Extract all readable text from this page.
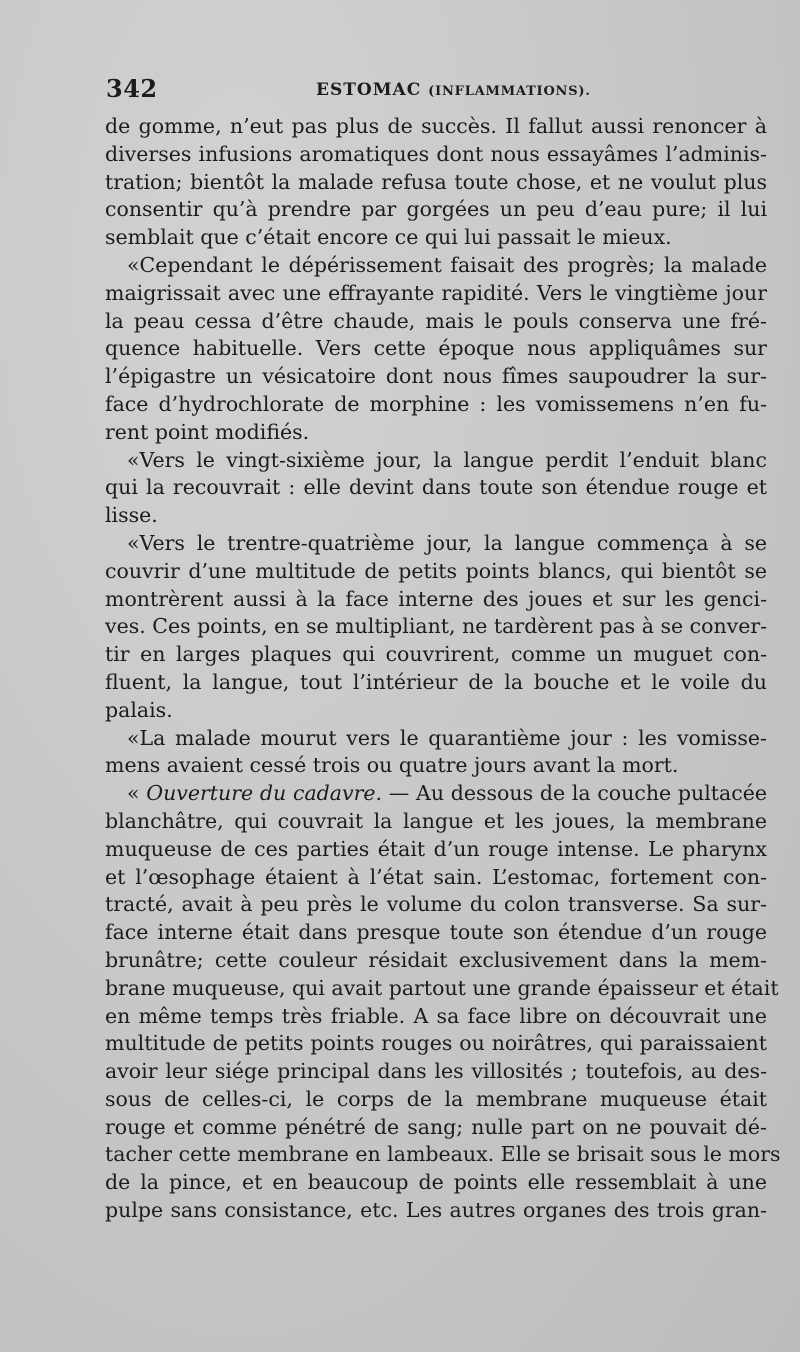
342	ESTOMAC (INFLAMMATIONS).
de gomme, n’eut pas plus de succès. Il fallut aussi renoncer à
diverses infusions aromatiques dont nous essayâmes l’adminis-
tration; bientôt la malade refusa toute chose, et ne voulut plus
consentir qu’à prendre par gorgées un peu d’eau pure; il lui
semblait que c’était encore ce qui lui passait le mieux.
«Cependant le dépérissement faisait des progrès; la malade
maigrissait avec une effrayante rapidité. Vers le vingtième jour
la peau cessa d’être chaude, mais le pouls conserva une fré-
quence habituelle. Vers cette époque nous appliquâmes sur
l’épigastre un vésicatoire dont nous fîmes saupoudrer la sur-
face d’hydrochlorate de morphine : les vomissemens n’en fu-
rent point modifiés.
«Vers le vingt-sixième jour, la langue perdit l’enduit blanc
qui la recouvrait : elle devint dans toute son étendue rouge et
lisse.
«Vers le trentre-quatrième jour, la langue commença à se
couvrir d’une multitude de petits points blancs, qui bientôt se
montrèrent aussi à la face interne des joues et sur les genci-
ves. Ces points, en se multipliant, ne tardèrent pas à se conver-
tir en larges plaques qui couvrirent, comme un muguet con-
fluent, la langue, tout l’intérieur de la bouche et le voile du
palais.
«La malade mourut vers le quarantième jour : les vomisse-
mens avaient cessé trois ou quatre jours avant la mort.
« Ouverture du cadavre. — Au dessous de la couche pultacée
blanchâtre, qui couvrait la langue et les joues, la membrane
muqueuse de ces parties était d’un rouge intense. Le pharynx
et l’œsophage étaient à l’état sain. L’estomac, fortement con-
tracté, avait à peu près le volume du colon transverse. Sa sur-
face interne était dans presque toute son étendue d’un rouge
brunâtre; cette couleur résidait exclusivement dans la mem-
brane muqueuse, qui avait partout une grande épaisseur et était
en même temps très friable. A sa face libre on découvrait une
multitude de petits points rouges ou noirâtres, qui paraissaient
avoir leur siége principal dans les villosités ; toutefois, au des-
sous de celles-ci, le corps de la membrane muqueuse était
rouge et comme pénétré de sang; nulle part on ne pouvait dé-
tacher cette membrane en lambeaux. Elle se brisait sous le mors
de la pince, et en beaucoup de points elle ressemblait à une
pulpe sans consistance, etc. Les autres organes des trois gran-
